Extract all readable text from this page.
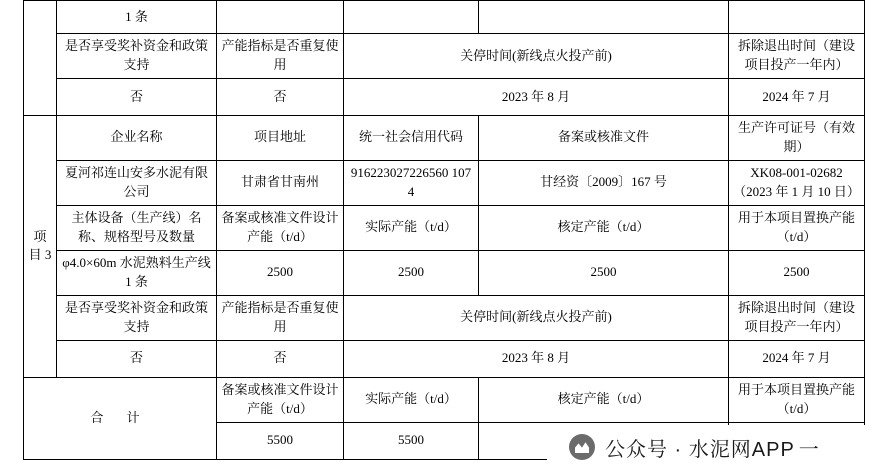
	1 条				
	是否享受奖补资金和政策支持	产能指标是否重复使用	关停时间(新线点火投产前)		拆除退出时间（建设项目投产一年内）
	否	否	2023 年 8 月		2024 年 7 月
项目 3	企业名称	项目地址	统一社会信用代码	备案或核准文件	生产许可证号（有效期）
	夏河祁连山安多水泥有限公司	甘肃省甘南州	916223027226560 1074	甘经资〔2009〕167 号	XK08-001-02682
（2023 年 1 月 10 日）

	主体设备（生产线）名称、规格型号及数量	备案或核准文件设计产能（t/d）	实际产能（t/d）	核定产能（t/d）	用于本项目置换产能（t/d）
	φ4.0×60m 水泥熟料生产线 1 条	2500	2500	2500	2500
	是否享受奖补资金和政策支持	产能指标是否重复使用	关停时间(新线点火投产前)		拆除退出时间（建设项目投产一年内）
	否	否	2023 年 8 月		2024 年 7 月
合 计		备案或核准文件设计产能（t/d）	实际产能（t/d）	核定产能（t/d）	用于本项目置换产能（t/d）
		5500	5500			公众号 · 水泥网APP 一
